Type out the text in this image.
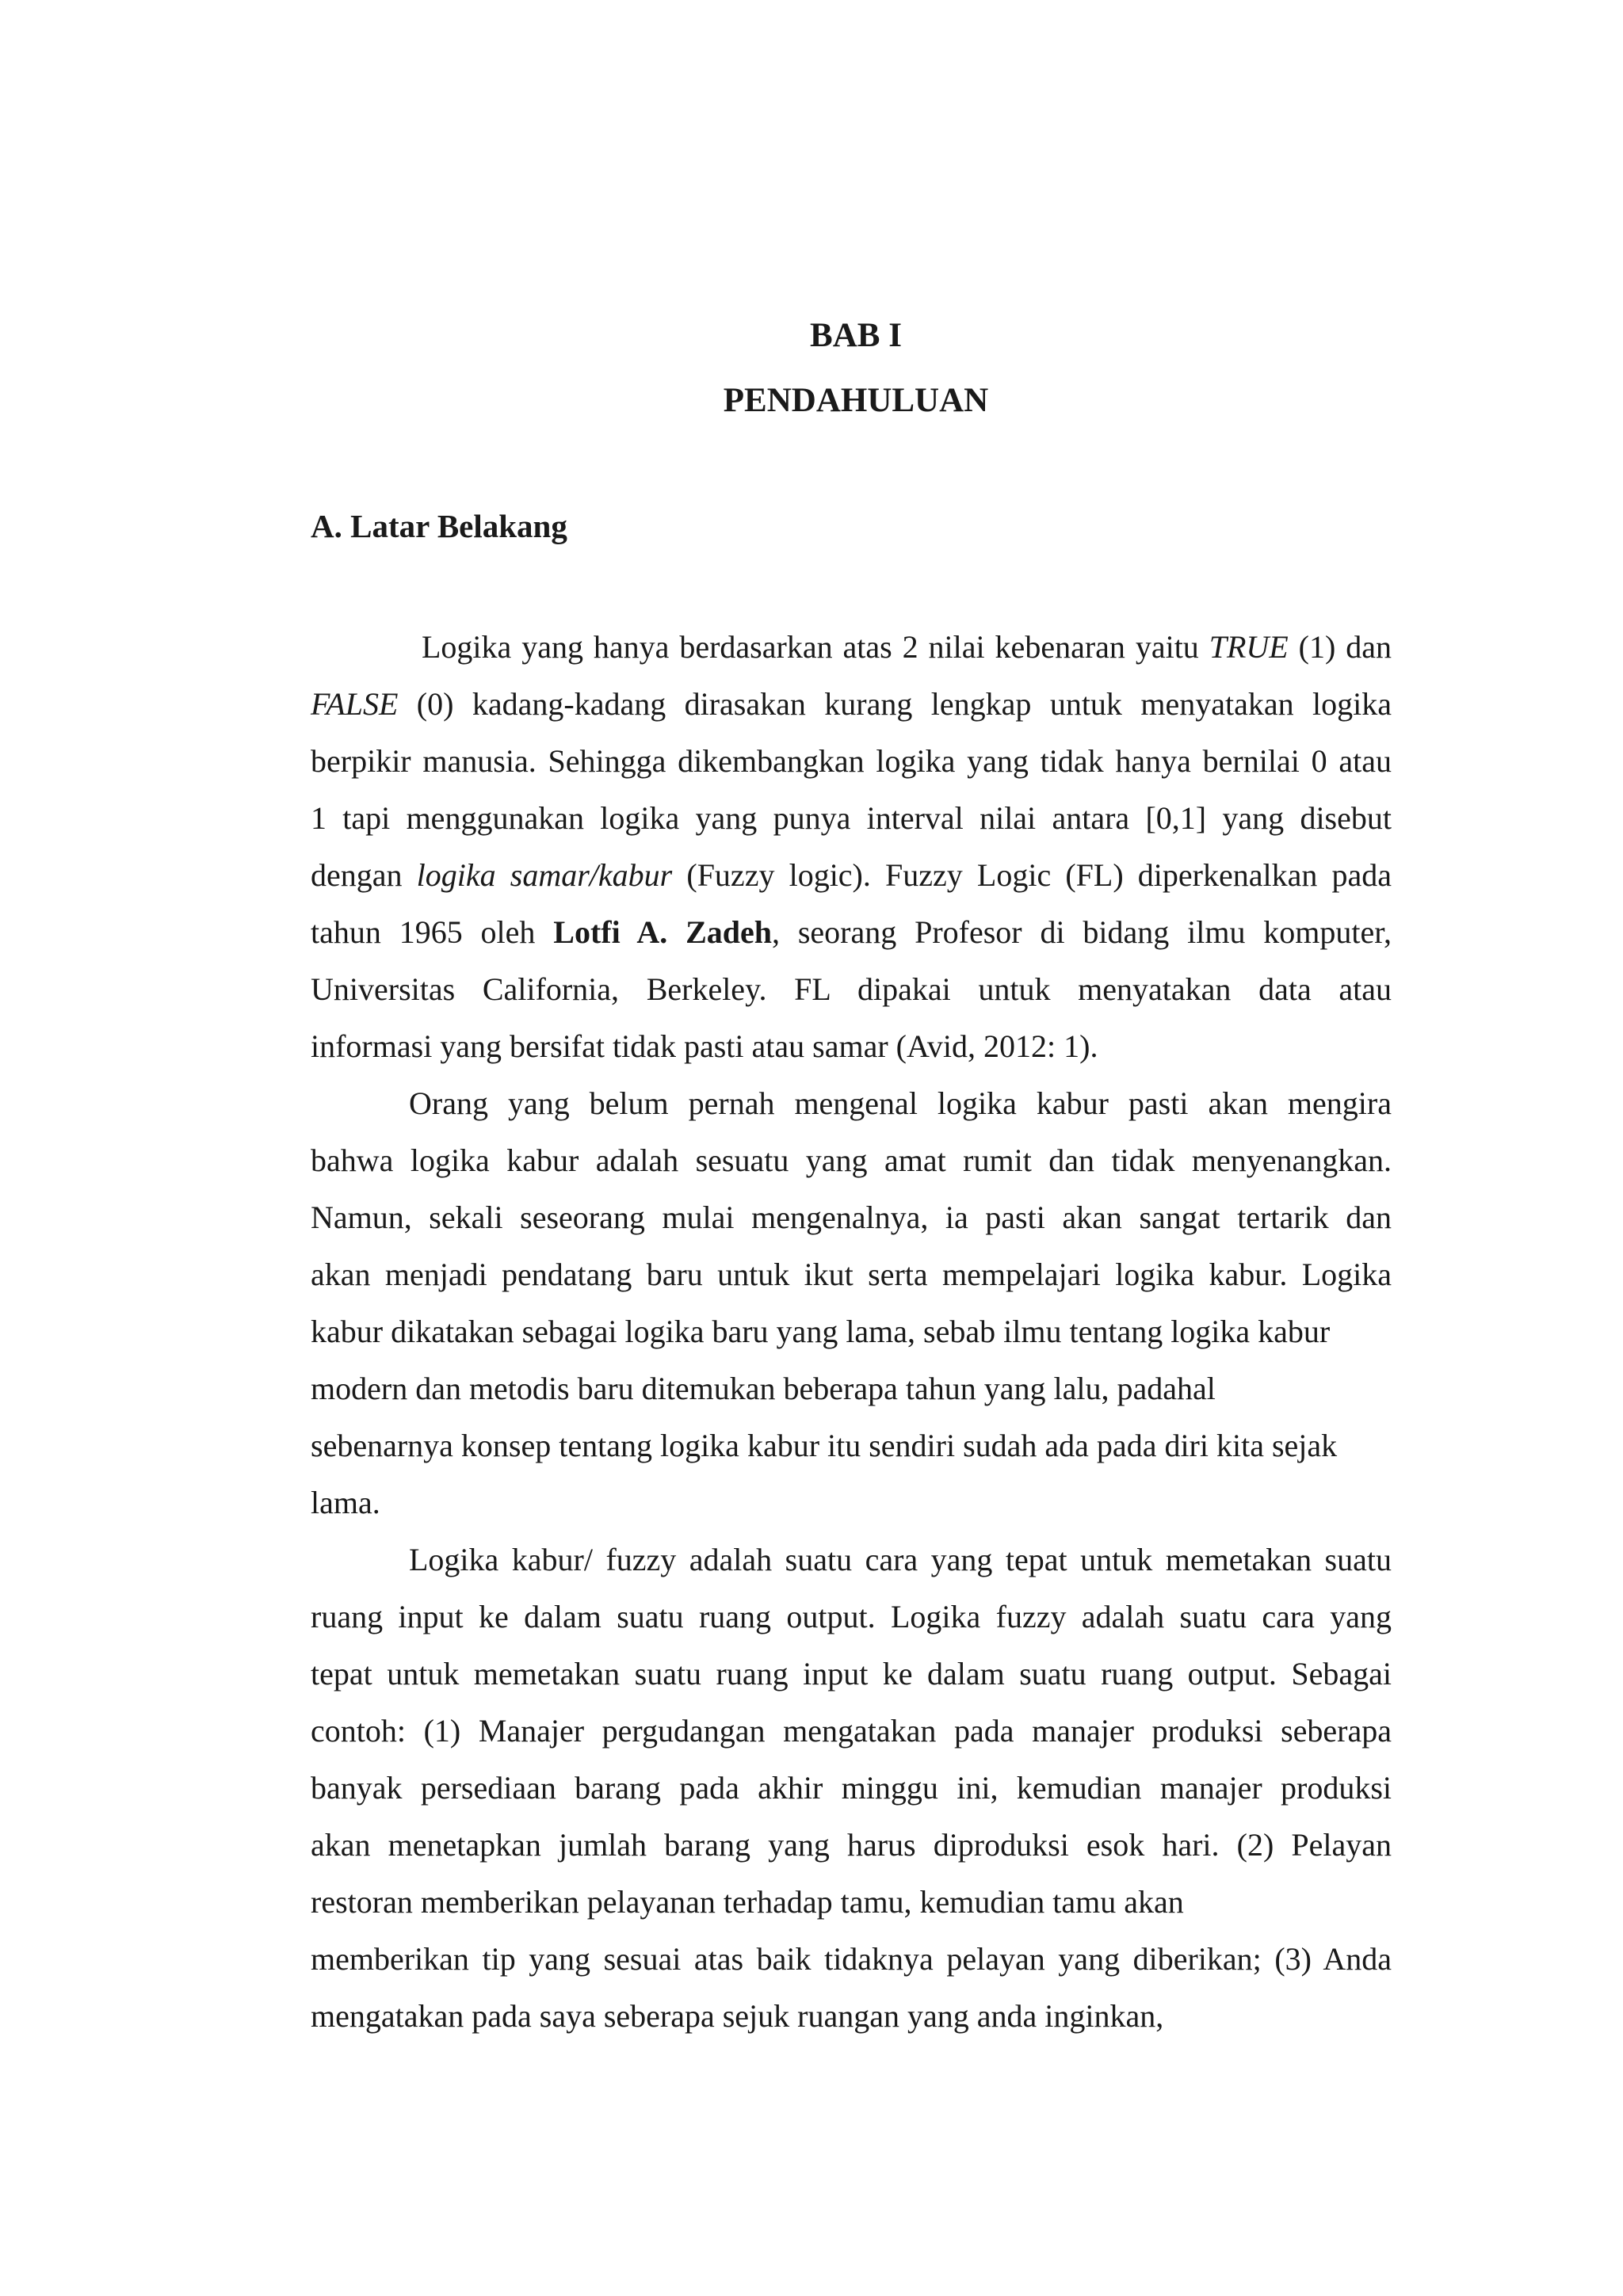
BAB I
PENDAHULUAN
A. Latar Belakang
Logika yang hanya berdasarkan atas 2 nilai kebenaran yaitu TRUE (1) dan
FALSE (0) kadang-kadang dirasakan kurang lengkap untuk menyatakan logika
berpikir manusia. Sehingga dikembangkan logika yang tidak hanya bernilai 0 atau
1 tapi menggunakan logika yang punya interval nilai antara [0,1] yang disebut
dengan logika samar/kabur (Fuzzy logic). Fuzzy Logic (FL) diperkenalkan pada
tahun 1965 oleh Lotfi A. Zadeh, seorang Profesor di bidang ilmu komputer,
Universitas California, Berkeley. FL dipakai untuk menyatakan data atau
informasi yang bersifat tidak pasti atau samar (Avid, 2012: 1).
Orang yang belum pernah mengenal logika kabur pasti akan mengira
bahwa logika kabur adalah sesuatu yang amat rumit dan tidak menyenangkan.
Namun, sekali seseorang mulai mengenalnya, ia pasti akan sangat tertarik dan
akan menjadi pendatang baru untuk ikut serta mempelajari logika kabur. Logika
kabur dikatakan sebagai logika baru yang lama, sebab ilmu tentang logika kabur
modern dan metodis baru ditemukan beberapa tahun yang lalu, padahal
sebenarnya konsep tentang logika kabur itu sendiri sudah ada pada diri kita sejak
lama.
Logika kabur/ fuzzy adalah suatu cara yang tepat untuk memetakan suatu
ruang input ke dalam suatu ruang output. Logika fuzzy adalah suatu cara yang
tepat untuk memetakan suatu ruang input ke dalam suatu ruang output. Sebagai
contoh: (1) Manajer pergudangan mengatakan pada manajer produksi seberapa
banyak persediaan barang pada akhir minggu ini, kemudian manajer produksi
akan menetapkan jumlah barang yang harus diproduksi esok hari. (2) Pelayan
restoran memberikan pelayanan terhadap tamu, kemudian tamu akan
memberikan tip yang sesuai atas baik tidaknya pelayan yang diberikan; (3) Anda
mengatakan pada saya seberapa sejuk ruangan yang anda inginkan,
